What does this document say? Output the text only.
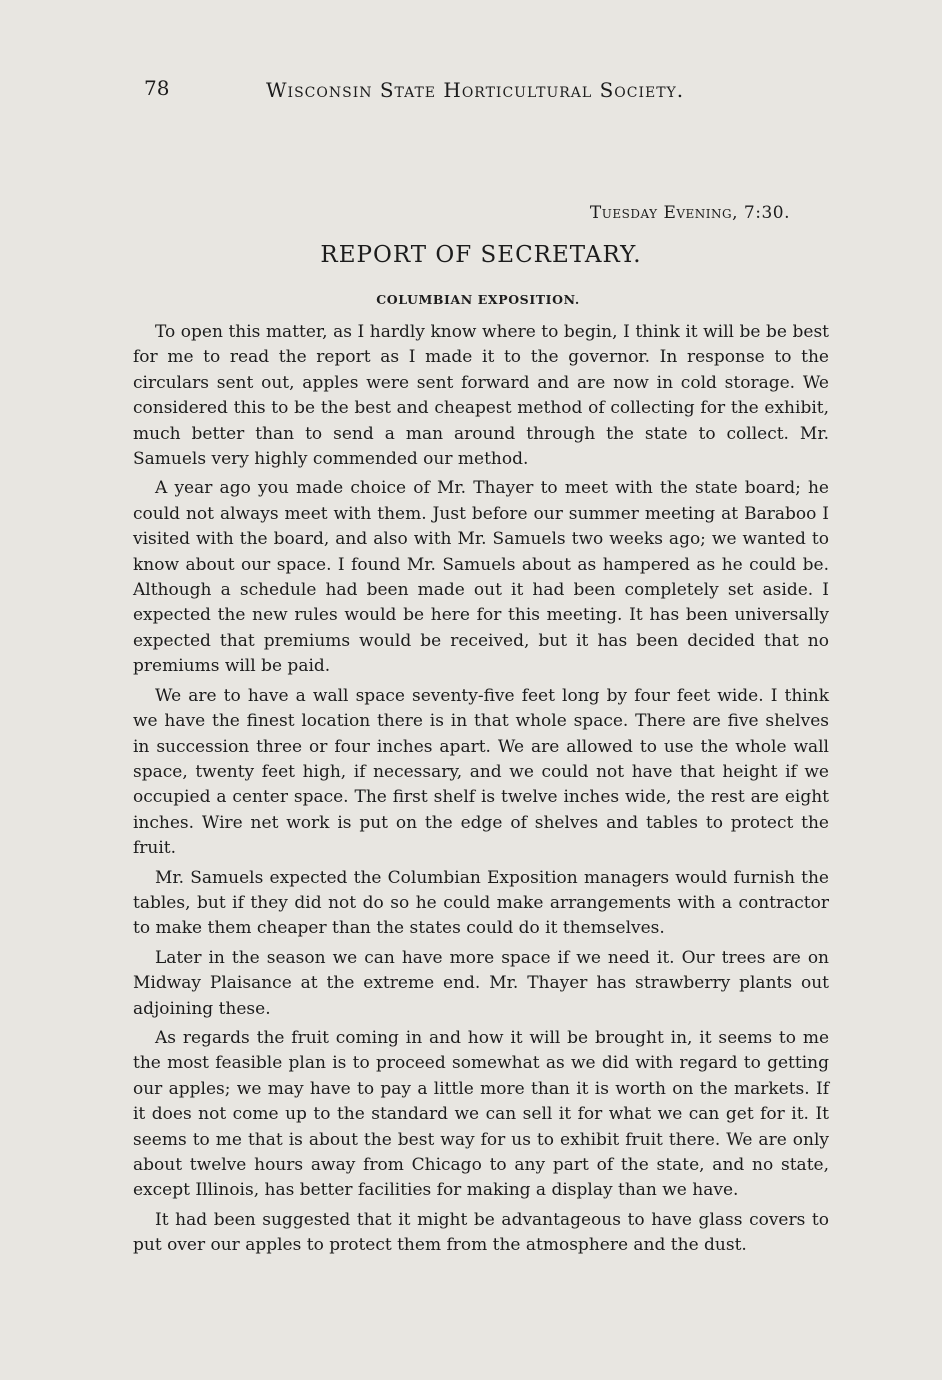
78	Wisconsin State Horticultural Society.
Tuesday Evening, 7:30.
REPORT OF SECRETARY.
COLUMBIAN EXPOSITION.

To open this matter, as I hardly know where to begin, I think it will be be best for me to read the report as I made it to the governor. In response to the circulars sent out, apples were sent forward and are now in cold storage. We considered this to be the best and cheapest method of collecting for the exhibit, much better than to send a man around through the state to collect. Mr. Samuels very highly commended our method.

A year ago you made choice of Mr. Thayer to meet with the state board; he could not always meet with them. Just before our summer meeting at Baraboo I visited with the board, and also with Mr. Samuels two weeks ago; we wanted to know about our space. I found Mr. Samuels about as hampered as he could be. Although a schedule had been made out it had been completely set aside. I expected the new rules would be here for this meeting. It has been universally expected that premiums would be received, but it has been decided that no premiums will be paid.

We are to have a wall space seventy-five feet long by four feet wide. I think we have the finest location there is in that whole space. There are five shelves in succession three or four inches apart. We are allowed to use the whole wall space, twenty feet high, if necessary, and we could not have that height if we occupied a center space. The first shelf is twelve inches wide, the rest are eight inches. Wire net work is put on the edge of shelves and tables to protect the fruit.

Mr. Samuels expected the Columbian Exposition managers would furnish the tables, but if they did not do so he could make arrangements with a contractor to make them cheaper than the states could do it themselves.

Later in the season we can have more space if we need it. Our trees are on Midway Plaisance at the extreme end. Mr. Thayer has strawberry plants out adjoining these.

As regards the fruit coming in and how it will be brought in, it seems to me the most feasible plan is to proceed somewhat as we did with regard to getting our apples; we may have to pay a little more than it is worth on the markets. If it does not come up to the standard we can sell it for what we can get for it. It seems to me that is about the best way for us to exhibit fruit there. We are only about twelve hours away from Chicago to any part of the state, and no state, except Illinois, has better facilities for making a display than we have.

It had been suggested that it might be advantageous to have glass covers to put over our apples to protect them from the atmosphere and the dust.
